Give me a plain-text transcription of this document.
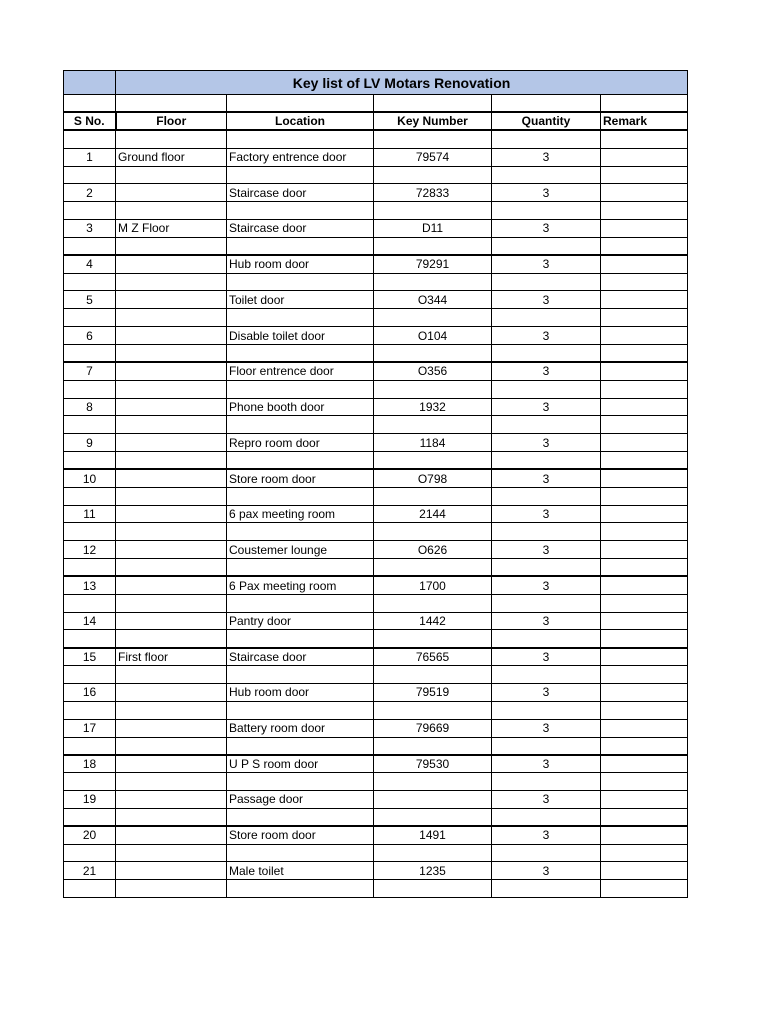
	Key list of LV Motars Renovation				

S No.	Floor	Location	Key Number	Quantity	Remark

1	Ground floor	Factory entrence door	79574	3	

2		Staircase door	72833	3	

3	M Z Floor	Staircase door	D11	3	

4		Hub room door	79291	3	

5		Toilet door	O344	3	

6		Disable toilet door	O104	3	

7		Floor entrence door	O356	3	

8		Phone booth door	1932	3	

9		Repro room door	1184	3	

10		Store room door	O798	3	

11		6 pax meeting room	2144	3	

12		Coustemer lounge	O626	3	

13		6 Pax meeting room	1700	3	

14		Pantry door	1442	3	

15	First floor	Staircase door	76565	3	

16		Hub room door	79519	3	

17		Battery room door	79669	3	

18		U P S room door	79530	3	

19		Passage door		3	

20		Store room door	1491	3	

21		Male toilet	1235	3	
